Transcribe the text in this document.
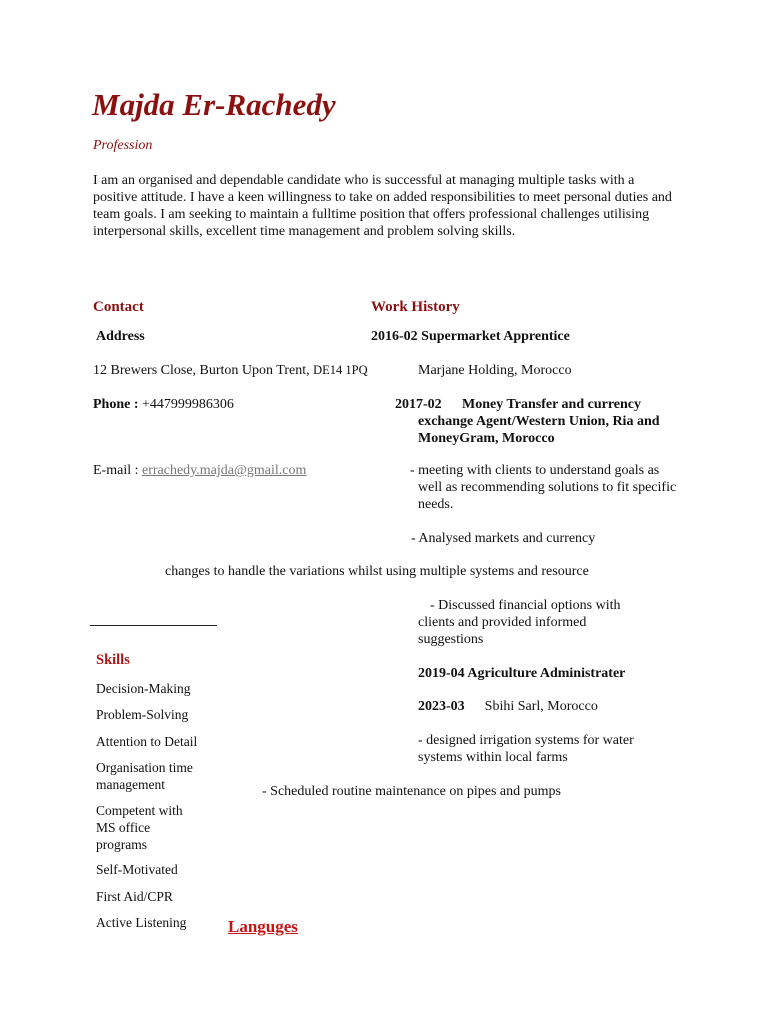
Majda Er-Rachedy
Profession
I am an organised and dependable candidate who is successful at managing multiple tasks with a positive attitude. I have a keen willingness to take on added responsibilities to meet personal duties and team goals. I am seeking to maintain a fulltime position that offers professional challenges utilising interpersonal skills, excellent time management and problem solving skills.
Contact
Address
12 Brewers Close, Burton Upon Trent, DE14 1PQ
Phone : +447999986306
E-mail : errachedy.majda@gmail.com
Work History
2016-02 Supermarket Apprentice
Marjane Holding, Morocco
2017-02	Money Transfer and currency exchange Agent/Western Union, Ria and MoneyGram, Morocco
- meeting with clients to understand goals as well as recommending solutions to fit specific needs.
- Analysed markets and currency
changes to handle the variations whilst using multiple systems and resource
- Discussed financial options with clients and provided informed suggestions
2019-04 Agriculture Administrater
2023-03 Sbihi Sarl, Morocco
- designed irrigation systems for water systems within local farms
- Scheduled routine maintenance on pipes and pumps
Skills
Decision-Making
Problem-Solving
Attention to Detail
Organisation time management
Competent with MS office programs
Self-Motivated
First Aid/CPR
Active Listening Languges
